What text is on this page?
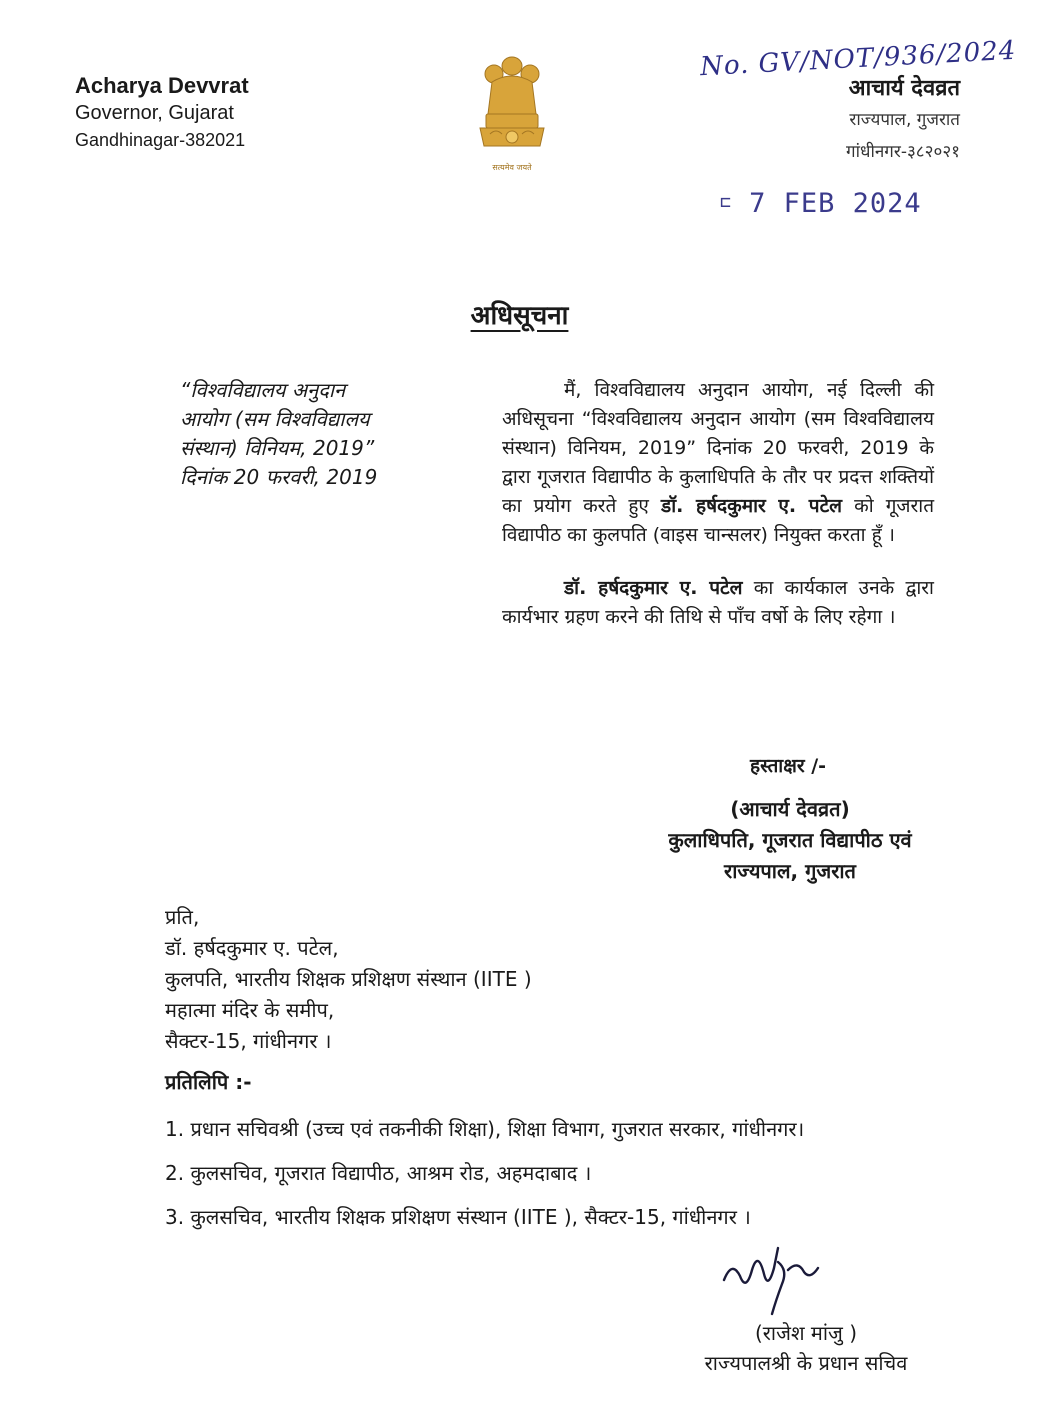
Acharya Devvrat
Governor, Gujarat
Gandhinagar-382021
सत्यमेव जयते
No. GV/NOT/936/2024
आचार्य देवव्रत
राज्यपाल, गुजरात
गांधीनगर-३८२०२१
⊏ 7 FEB 2024
अधिसूचना
“विश्वविद्यालय अनुदान
आयोग (सम विश्वविद्यालय
संस्थान) विनियम, 2019”
दिनांक 20 फरवरी, 2019

मैं, विश्वविद्यालय अनुदान आयोग, नई दिल्ली की अधिसूचना “विश्वविद्यालय अनुदान आयोग (सम विश्वविद्यालय संस्थान) विनियम, 2019” दिनांक 20 फरवरी, 2019 के द्वारा गूजरात विद्यापीठ के कुलाधिपति के तौर पर प्रदत्त शक्तियों का प्रयोग करते हुए डॉ. हर्षदकुमार ए. पटेल को गूजरात विद्यापीठ का कुलपति (वाइस चान्सलर) नियुक्त करता हूँ ।

डॉ. हर्षदकुमार ए. पटेल का कार्यकाल उनके द्वारा कार्यभार ग्रहण करने की तिथि से पाँच वर्षो के लिए रहेगा ।

हस्ताक्षर /-
(आचार्य देवव्रत)
कुलाधिपति, गूजरात विद्यापीठ एवं
राज्यपाल, गुजरात
प्रति,
डॉ. हर्षदकुमार ए. पटेल,
कुलपति, भारतीय शिक्षक प्रशिक्षण संस्थान (IITE )
महात्मा मंदिर के समीप,
सैक्टर-15, गांधीनगर ।
प्रतिलिपि :-
1. प्रधान सचिवश्री (उच्च एवं तकनीकी शिक्षा), शिक्षा विभाग, गुजरात सरकार, गांधीनगर।
2. कुलसचिव, गूजरात विद्यापीठ, आश्रम रोड, अहमदाबाद ।
3. कुलसचिव, भारतीय शिक्षक प्रशिक्षण संस्थान (IITE ), सैक्टर-15, गांधीनगर ।
(राजेश मांजु )
राज्यपालश्री के प्रधान सचिव
